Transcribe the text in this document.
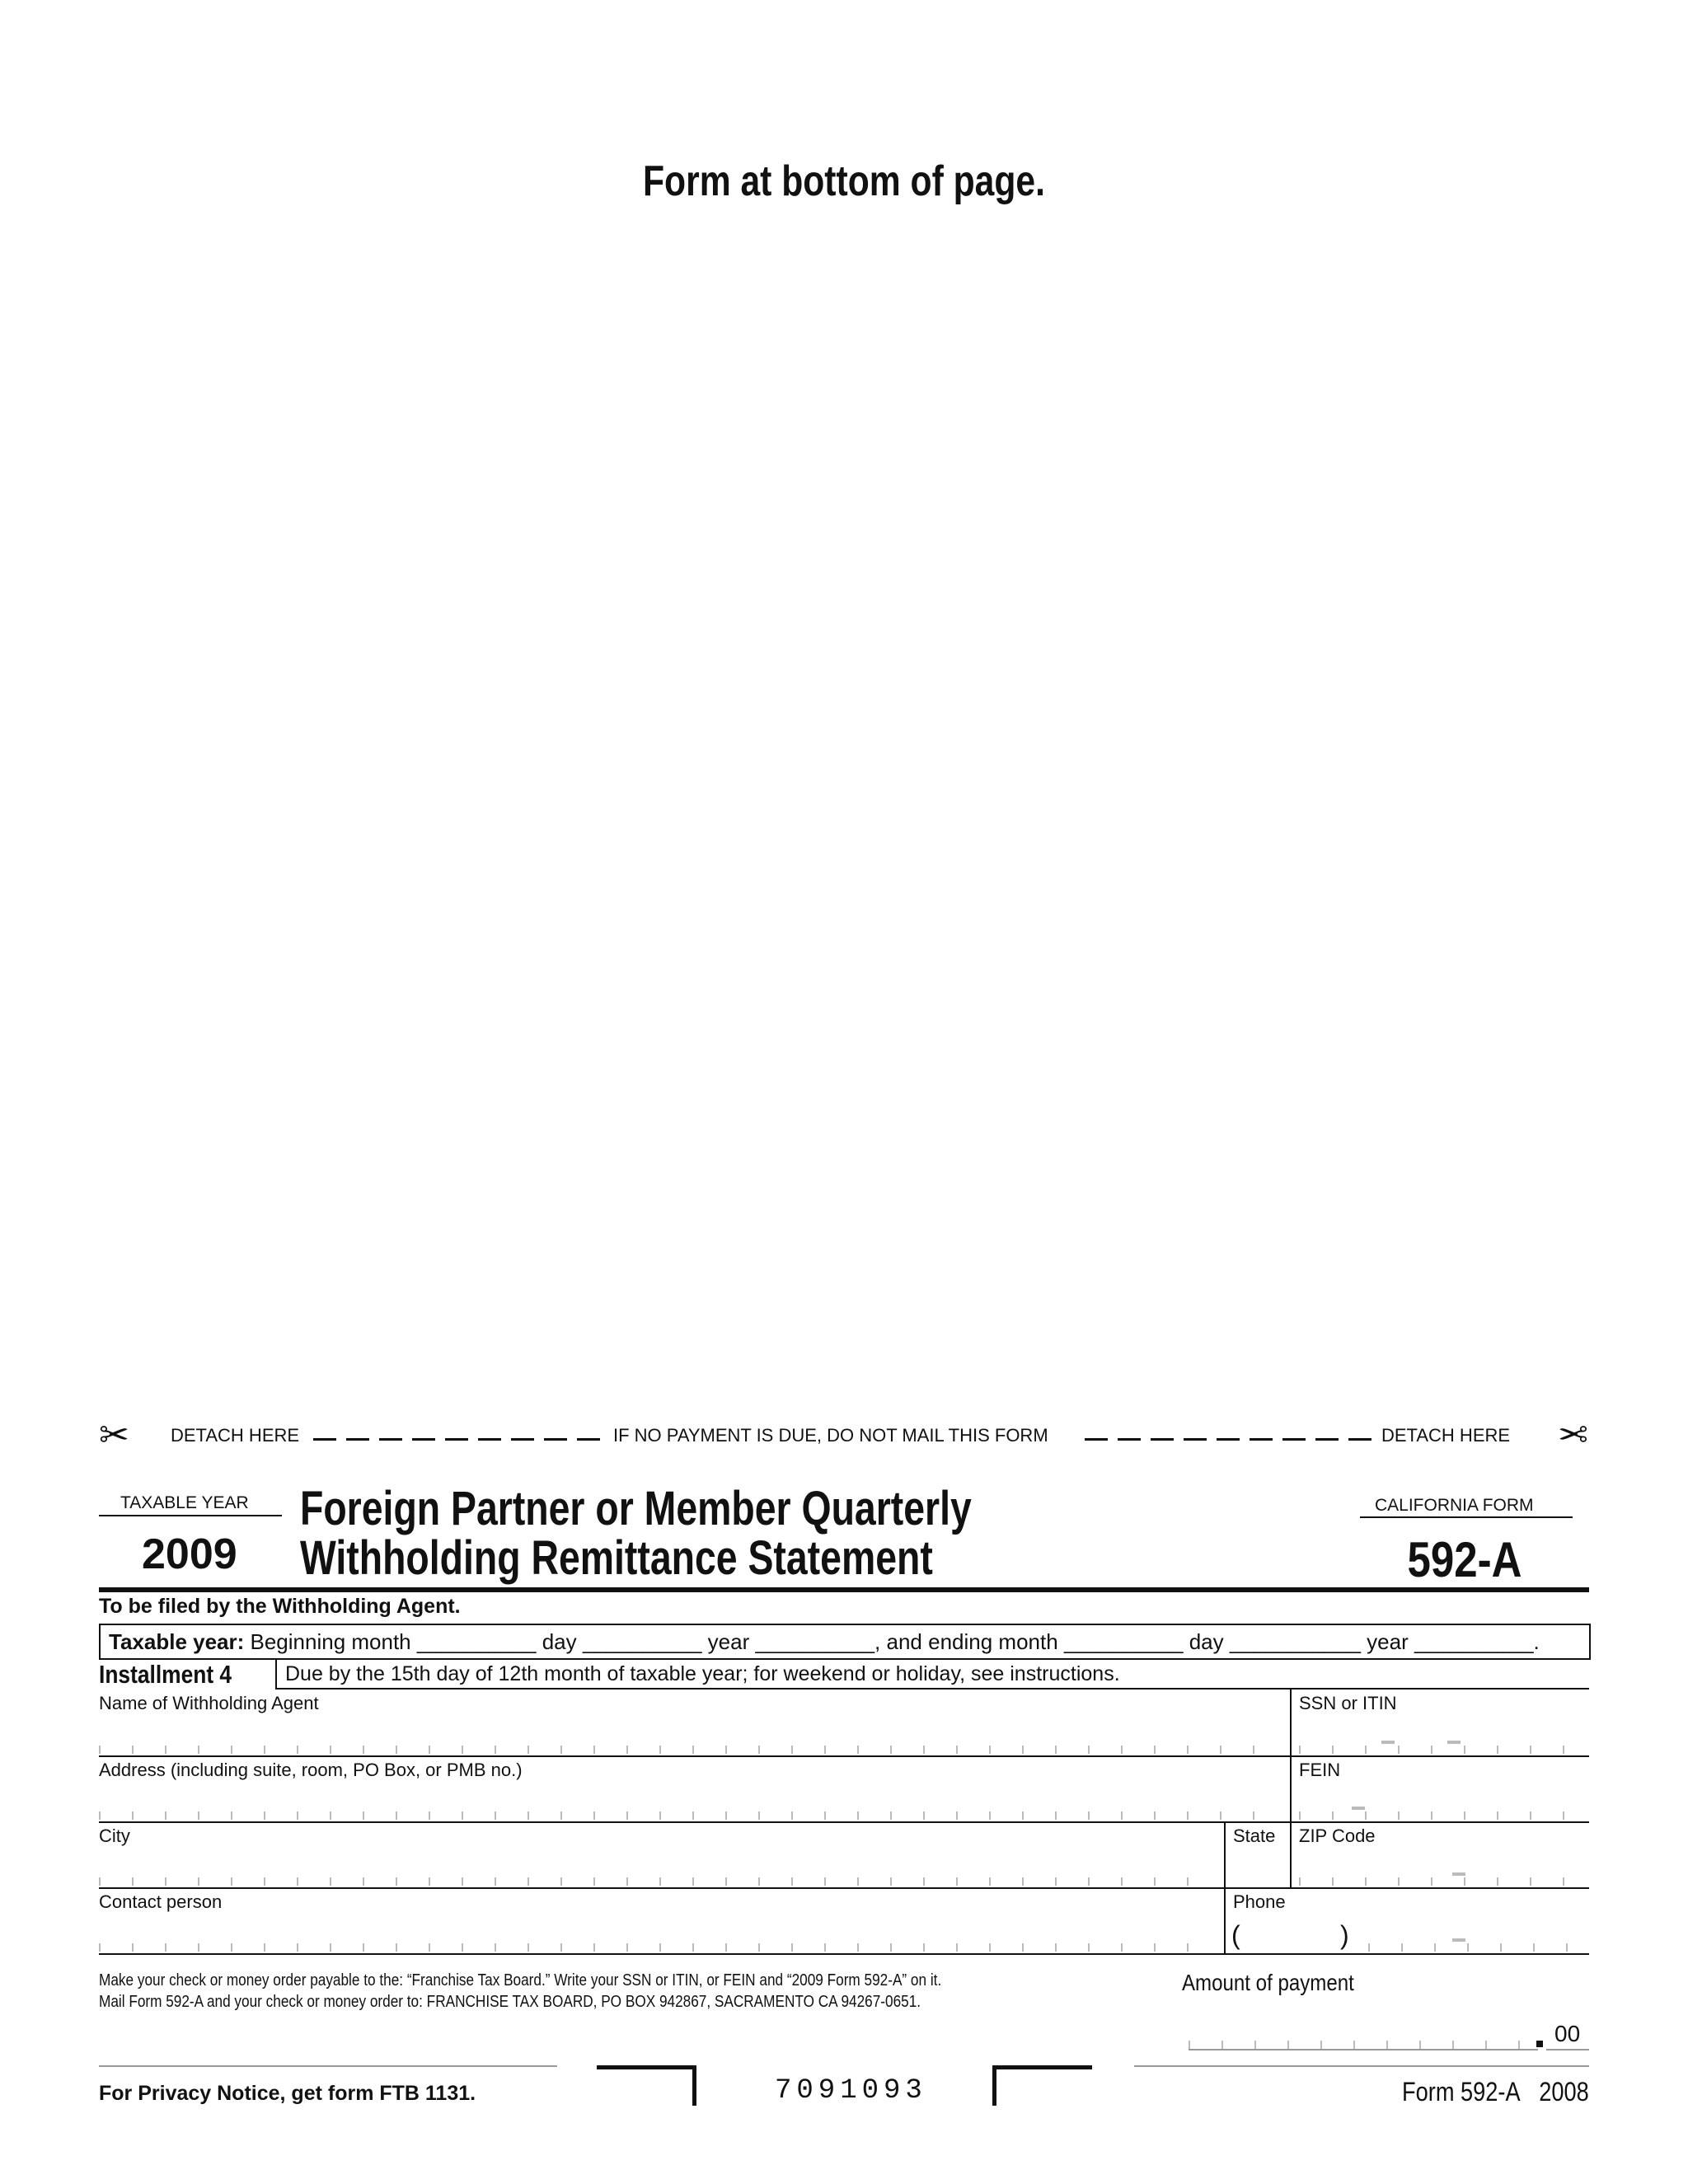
Form at bottom of page.
✂ DETACH HERE	IF NO PAYMENT IS DUE, DO NOT MAIL THIS FORM	DETACH HERE ✂
TAXABLE YEAR
2009
Foreign Partner or Member Quarterly
Withholding Remittance Statement
CALIFORNIA FORM
592-A
To be filed by the Withholding Agent.
Taxable year: Beginning month __________ day __________ year __________, and ending month __________ day ___________ year __________.
Installment 4	Due by the 15th day of 12th month of taxable year; for weekend or holiday, see instructions.
Name of Withholding Agent	SSN or ITIN
Address (including suite, room, PO Box, or PMB no.)	FEIN
City	State ZIP Code
Contact person	Phone
(	)
Make your check or money order payable to the: “Franchise Tax Board.” Write your SSN or ITIN, or FEIN and “2009 Form 592-A” on it.
Mail Form 592-A and your check or money order to: FRANCHISE TAX BOARD, PO BOX 942867, SACRAMENTO CA 94267-0651.
Amount of payment
00
For Privacy Notice, get form FTB 1131.	7091093	Form 592-A 2008
